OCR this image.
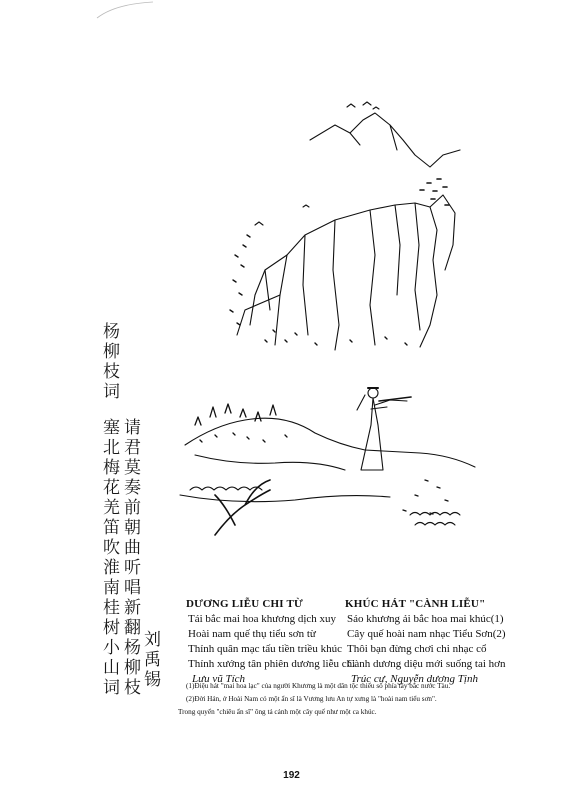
杨柳枝词
请君莫奏前朝曲
塞北梅花羌笛吹
听唱新翻杨柳枝
淮南桂树小山词 刘禹锡
DƯƠNG LIỄU CHI TỪ
Tái bắc mai hoa khương dịch xuy
Hoài nam quế thụ tiểu sơn từ
Thỉnh quân mạc tấu tiền triều khúc
Thính xướng tân phiên dương liễu chi
Lưu vũ Tích
KHÚC HÁT "CÀNH LIỄU"
Sáo khương ải bắc hoa mai khúc(1)
Cây quế hoài nam nhạc Tiểu Sơn(2)
Thôi bạn đừng chơi chi nhạc cổ
Cành dương diệu mới suống tai hơn
Trúc cư, Nguyễn dương Tịnh
(1)Điệu hát "mai hoa lạc" của người Khương là một dân tộc thiểu số phía tây bắc nước Tàu.
(2)Đời Hán, ở Hoài Nam có một ẩn sĩ là Vương lưu An tự xưng là "hoài nam tiểu sơn".
Trong quyển "chiêu ẩn sĩ" ông tả cảnh một cây quế như một ca khúc.
192
